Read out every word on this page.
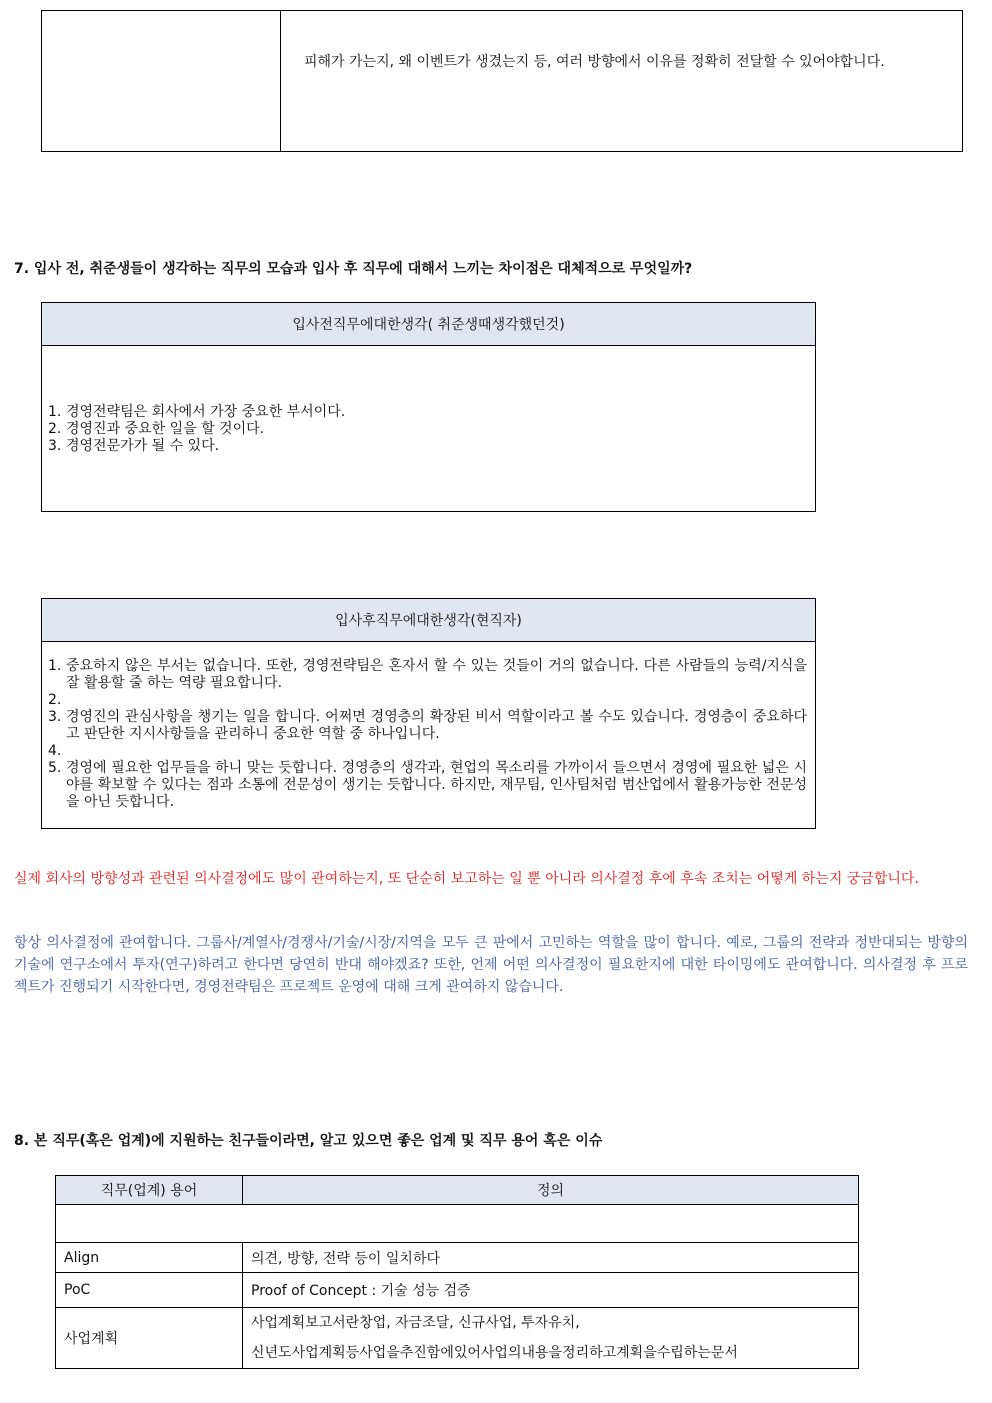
피해가 가는지, 왜 이벤트가 생겼는지 등, 여러 방향에서 이유를 정확히 전달할 수 있어야합니다.
7. 입사 전, 취준생들이 생각하는 직무의 모습과 입사 후 직무에 대해서 느끼는 차이점은 대체적으로 무엇일까?
입사전직무에대한생각( 취준생때생각했던것)
1. 경영전략팀은 회사에서 가장 중요한 부서이다.
2. 경영진과 중요한 일을 할 것이다.
3. 경영전문가가 될 수 있다.
입사후직무에대한생각(현직자)
1. 중요하지 않은 부서는 없습니다. 또한, 경영전략팀은 혼자서 할 수 있는 것들이 거의 없습니다. 다른 사람들의 능력/지식을 잘 활용할 줄 하는 역량 필요합니다.
2.

3. 경영진의 관심사항을 챙기는 일을 합니다. 어쩌면 경영층의 확장된 비서 역할이라고 볼 수도 있습니다. 경영층이 중요하다고 판단한 지시사항들을 관리하니 중요한 역할 중 하나입니다.
4.

5. 경영에 필요한 업무들을 하니 맞는 듯합니다. 경영층의 생각과, 현업의 목소리를 가까이서 들으면서 경영에 필요한 넓은 시야를 확보할 수 있다는 점과 소통에 전문성이 생기는 듯합니다. 하지만, 재무팀, 인사팀처럼 범산업에서 활용가능한 전문성을 아닌 듯합니다.
실제 회사의 방향성과 관련된 의사결정에도 많이 관여하는지, 또 단순히 보고하는 일 뿐 아니라 의사결정 후에 후속 조치는 어떻게 하는지 궁금합니다.
항상 의사결정에 관여합니다. 그룹사/계열사/경쟁사/기술/시장/지역을 모두 큰 판에서 고민하는 역할을 많이 합니다. 예로, 그룹의 전략과 정반대되는 방향의 기술에 연구소에서 투자(연구)하려고 한다면 당연히 반대 해야겠죠? 또한, 언제 어떤 의사결정이 필요한지에 대한 타이밍에도 관여합니다. 의사결정 후 프로젝트가 진행되기 시작한다면, 경영전략팀은 프로젝트 운영에 대해 크게 관여하지 않습니다.
8. 본 직무(혹은 업계)에 지원하는 친구들이라면, 알고 있으면 좋은 업계 및 직무 용어 혹은 이슈
직무(업계) 용어	정의

Align	의견, 방향, 전략 등이 일치하다
PoC	Proof of Concept : 기술 성능 검증
사업계획	사업계획보고서란창업, 자금조달, 신규사업, 투자유치,
신년도사업계획등사업을추진함에있어사업의내용을정리하고계획을수립하는문서
